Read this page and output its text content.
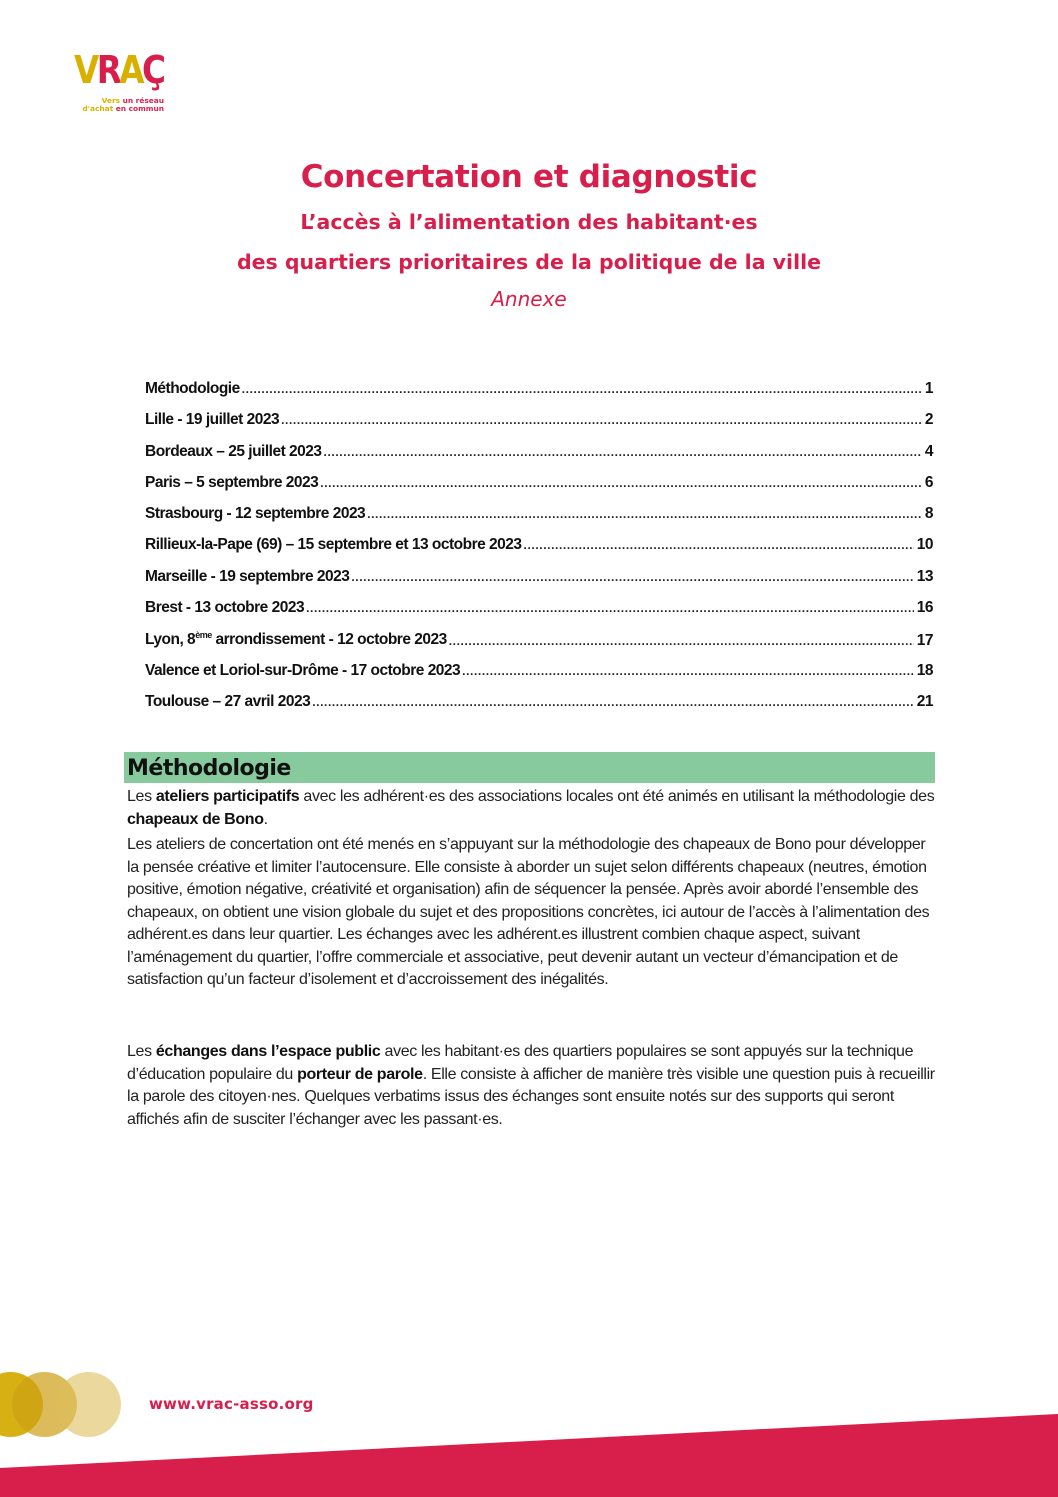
VRAÇ
Vers un réseau
d'achat en commun
Concertation et diagnostic
L’accès à l’alimentation des habitant·es
des quartiers prioritaires de la politique de la ville
Annexe
Méthodologie .....	1
Lille - 19 juillet 2023 .....	2
Bordeaux – 25 juillet 2023 .....	4
Paris – 5 septembre 2023 .....	6
Strasbourg - 12 septembre 2023 .....	8
Rillieux-la-Pape (69) – 15 septembre et 13 octobre 2023 .....	10
Marseille - 19 septembre 2023 .....	13
Brest - 13 octobre 2023 .....	16
Lyon, 8ème arrondissement - 12 octobre 2023 .....	17
Valence et Loriol-sur-Drôme - 17 octobre 2023 .....	18
Toulouse – 27 avril 2023 .....	21
Méthodologie
Les ateliers participatifs avec les adhérent·es des associations locales ont été animés en utilisant la méthodologie des chapeaux de Bono.
Les ateliers de concertation ont été menés en s’appuyant sur la méthodologie des chapeaux de Bono pour développer la pensée créative et limiter l’autocensure. Elle consiste à aborder un sujet selon différents chapeaux (neutres, émotion positive, émotion négative, créativité et organisation) afin de séquencer la pensée. Après avoir abordé l’ensemble des chapeaux, on obtient une vision globale du sujet et des propositions concrètes, ici autour de l’accès à l’alimentation des adhérent.es dans leur quartier. Les échanges avec les adhérent.es illustrent combien chaque aspect, suivant l’aménagement du quartier, l’offre commerciale et associative, peut devenir autant un vecteur d’émancipation et de satisfaction qu’un facteur d’isolement et d’accroissement des inégalités.
Les échanges dans l’espace public avec les habitant·es des quartiers populaires se sont appuyés sur la technique d’éducation populaire du porteur de parole. Elle consiste à afficher de manière très visible une question puis à recueillir la parole des citoyen·nes. Quelques verbatims issus des échanges sont ensuite notés sur des supports qui seront affichés afin de susciter l’échanger avec les passant·es.
www.vrac-asso.org
